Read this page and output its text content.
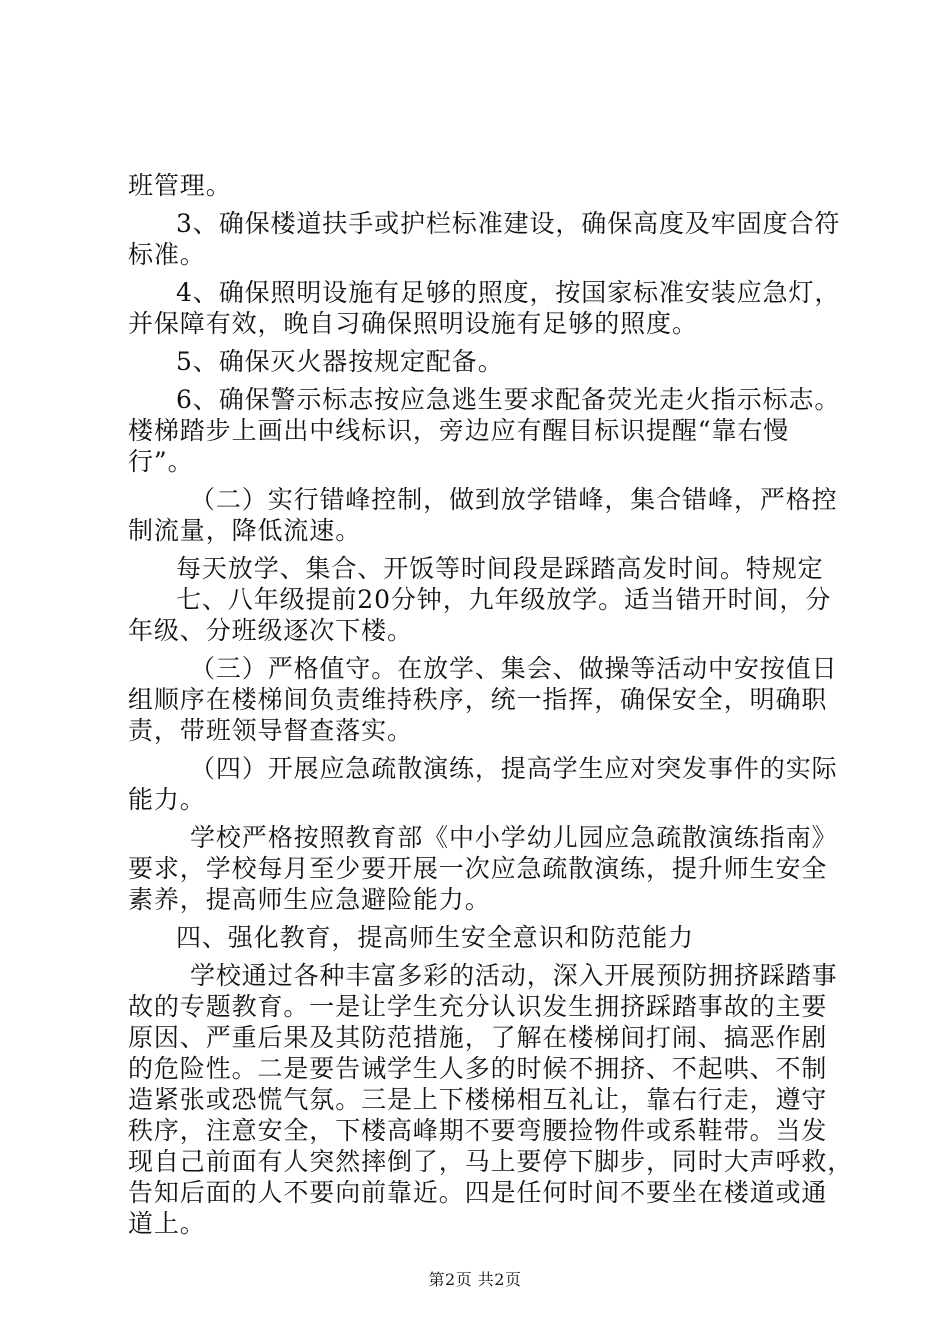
班管理。

3、确保楼道扶手或护栏标准建设，确保高度及牢固度合符

标准。

4、确保照明设施有足够的照度，按国家标准安装应急灯，

并保障有效，晚自习确保照明设施有足够的照度。

5、确保灭火器按规定配备。

6、确保警示标志按应急逃生要求配备荧光走火指示标志。

楼梯踏步上画出中线标识，旁边应有醒目标识提醒“靠右慢

行”。

（二）实行错峰控制，做到放学错峰，集合错峰，严格控

制流量，降低流速。

每天放学、集合、开饭等时间段是踩踏高发时间。特规定

七、八年级提前20分钟，九年级放学。适当错开时间，分

年级、分班级逐次下楼。

（三）严格值守。在放学、集会、做操等活动中安按值日

组顺序在楼梯间负责维持秩序，统一指挥，确保安全，明确职

责，带班领导督查落实。

（四）开展应急疏散演练，提高学生应对突发事件的实际

能力。

学校严格按照教育部《中小学幼儿园应急疏散演练指南》

要求，学校每月至少要开展一次应急疏散演练，提升师生安全

素养，提高师生应急避险能力。

四、强化教育，提高师生安全意识和防范能力

学校通过各种丰富多彩的活动，深入开展预防拥挤踩踏事

故的专题教育。一是让学生充分认识发生拥挤踩踏事故的主要

原因、严重后果及其防范措施，了解在楼梯间打闹、搞恶作剧

的危险性。二是要告诫学生人多的时候不拥挤、不起哄、不制

造紧张或恐慌气氛。三是上下楼梯相互礼让，靠右行走，遵守

秩序，注意安全，下楼高峰期不要弯腰捡物件或系鞋带。当发

现自己前面有人突然摔倒了，马上要停下脚步，同时大声呼救，

告知后面的人不要向前靠近。四是任何时间不要坐在楼道或通

道上。

第2页 共2页
